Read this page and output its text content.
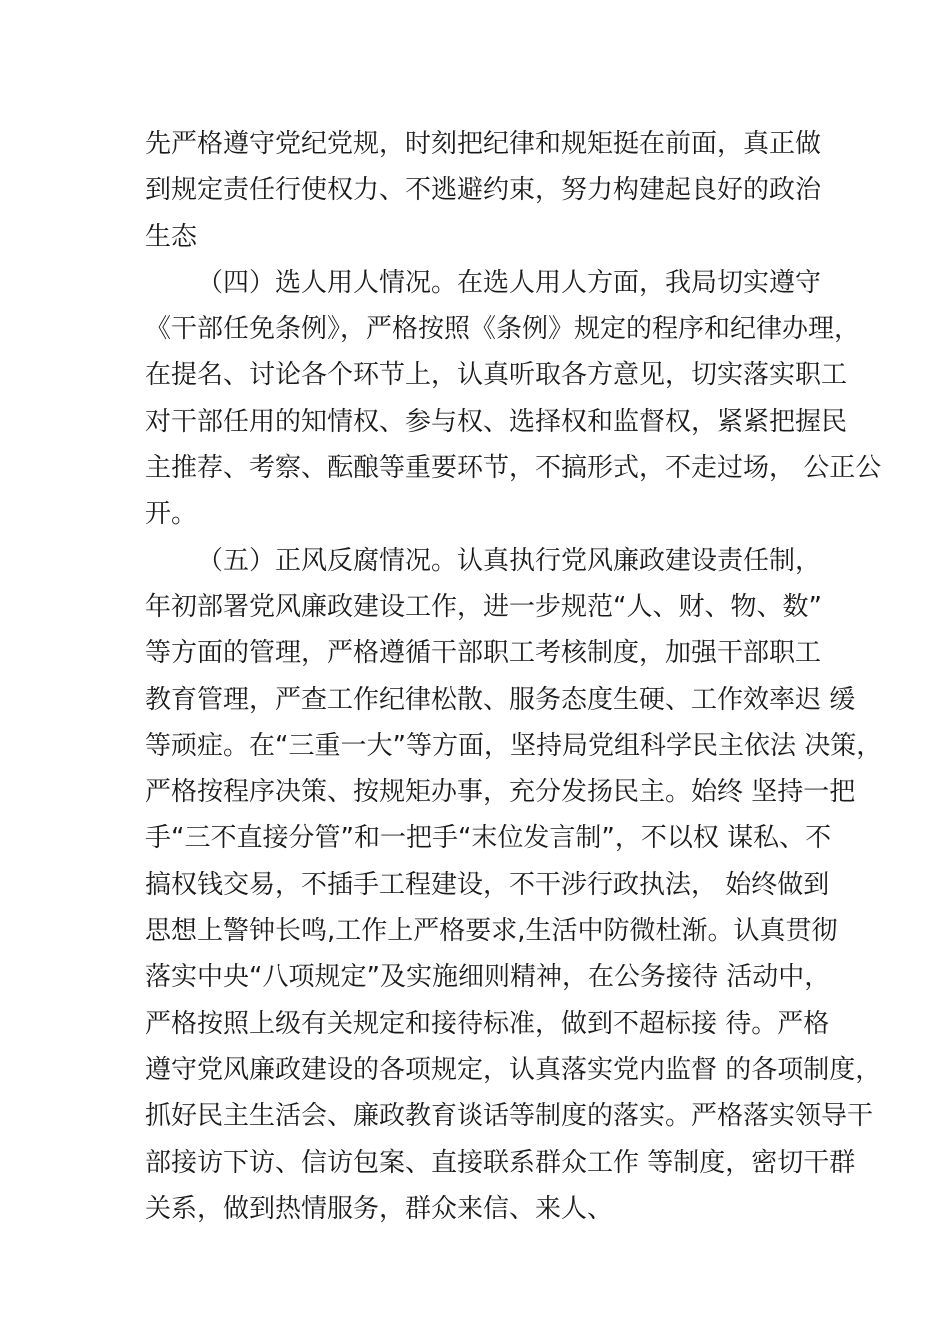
先严格遵守党纪党规，时刻把纪律和规矩挺在前面，真正做
到规定责任行使权力、不逃避约束，努力构建起良好的政治
生态
（四）选人用人情况。在选人用人方面，我局切实遵守
《干部任免条例》，严格按照《条例》规定的程序和纪律办理，
在提名、讨论各个环节上，认真听取各方意见，切实落实职工
对干部任用的知情权、参与权、选择权和监督权，紧紧把握民
主推荐、考察、酝酿等重要环节，不搞形式，不走过场， 公正公
开。
（五）正风反腐情况。认真执行党风廉政建设责任制，
年初部署党风廉政建设工作，进一步规范“人、财、物、数”
等方面的管理，严格遵循干部职工考核制度，加强干部职工
教育管理，严查工作纪律松散、服务态度生硬、工作效率迟 缓
等顽症。在“三重一大”等方面，坚持局党组科学民主依法 决策，
严格按程序决策、按规矩办事，充分发扬民主。始终 坚持一把
手“三不直接分管”和一把手“末位发言制”，不以权 谋私、不
搞权钱交易，不插手工程建设，不干涉行政执法， 始终做到
思想上警钟长鸣,工作上严格要求,生活中防微杜渐。认真贯彻
落实中央“八项规定”及实施细则精神，在公务接待 活动中，
严格按照上级有关规定和接待标准，做到不超标接 待。严格
遵守党风廉政建设的各项规定，认真落实党内监督 的各项制度，
抓好民主生活会、廉政教育谈话等制度的落实。严格落实领导干
部接访下访、信访包案、直接联系群众工作 等制度，密切干群
关系，做到热情服务，群众来信、来人、
